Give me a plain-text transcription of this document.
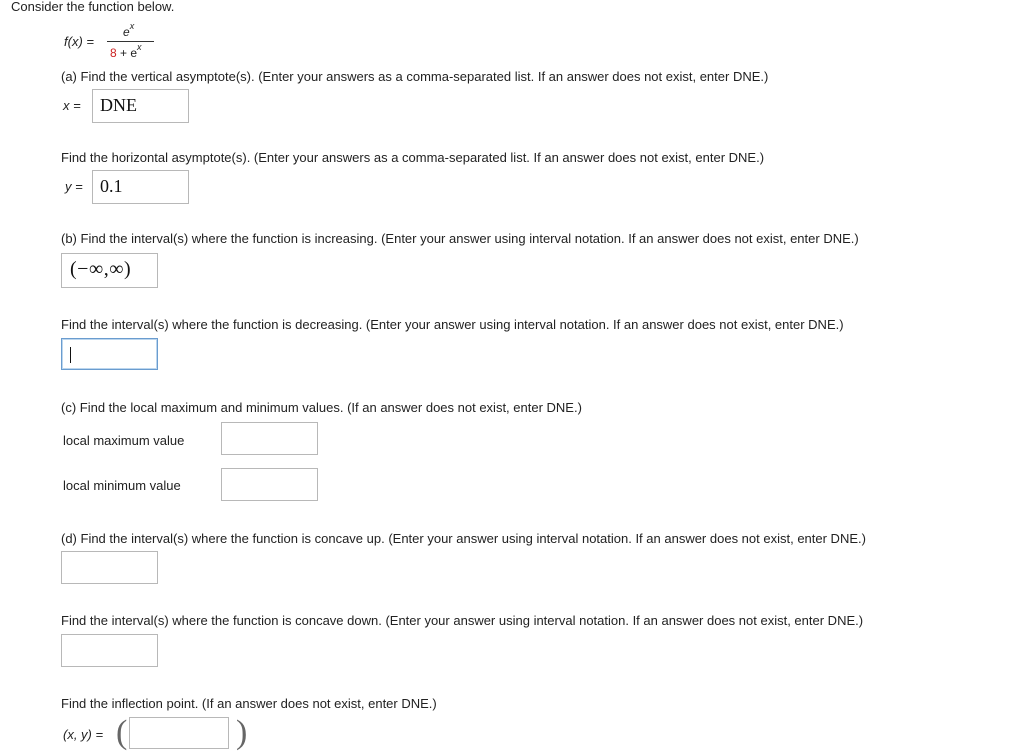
Consider the function below.
f(x) =
$e^x$
$8 + e^x$
(a) Find the vertical asymptote(s). (Enter your answers as a comma-separated list. If an answer does not exist, enter DNE.)
x =	DNE
Find the horizontal asymptote(s). (Enter your answers as a comma-separated list. If an answer does not exist, enter DNE.)
y = 0.1
(b) Find the interval(s) where the function is increasing. (Enter your answer using interval notation. If an answer does not exist, enter DNE.)
(−∞,∞)
Find the interval(s) where the function is decreasing. (Enter your answer using interval notation. If an answer does not exist, enter DNE.)
(c) Find the local maximum and minimum values. (If an answer does not exist, enter DNE.)
local maximum value
local minimum value
(d) Find the interval(s) where the function is concave up. (Enter your answer using interval notation. If an answer does not exist, enter DNE.)
Find the interval(s) where the function is concave down. (Enter your answer using interval notation. If an answer does not exist, enter DNE.)
Find the inflection point. (If an answer does not exist, enter DNE.)
(x, y) = (	)
